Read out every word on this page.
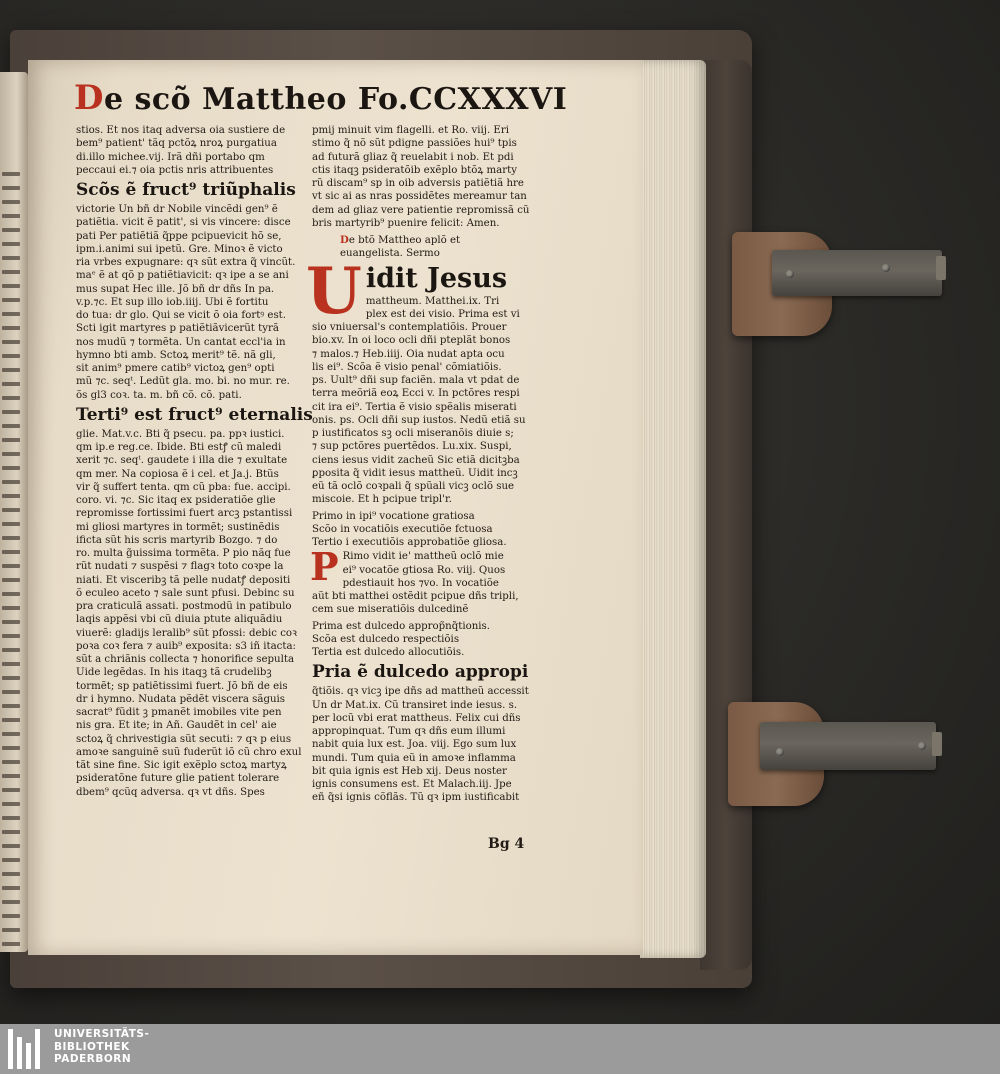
De scõ Mattheo Fo.CCXXXVI

stios. Et nos itaq adversa oia sustiere de

bem⁹ patient' tãq pctõꝝ nroꝝ purgatiua

di.illo michee.vij. Irã dñi portabo qm

peccaui ei.⁊ oia pctis nris attribuentes

Scõs ẽ fruct⁹ triũphalis

victorie Un bñ dr Nobile vincẽdi gen⁹ ẽ

patiẽtia. vicit ẽ patit', si vis vincere: disce

pati Per patiẽtiã q̃ppe pcipuevicit hõ se,

ipm.i.animi sui ipetũ. Gre. Minoꝛ ẽ victo

ria vrbes expugnare: qꝛ sũt extra q̃ vincũt.

maᵉ ẽ at qõ p patiẽtiavicit: qꝛ ipe a se ani

mus supat Hec ille. Jõ bñ dr dñs In pa.

v.p.⁊c. Et sup illo iob.iiij. Ubi ẽ fortitu

do tua: dr glo. Qui se vicit õ oia fortꝰ est.

Scti igit martyres p patiẽtiãvicerũt tyrã

nos mudũ ⁊ tormẽta. Un cantat eccl'ia in

hymno bti amb. Sctoꝝ merit⁹ tẽ. nã gli,

sit anim⁹ pmere catib⁹ victoꝝ gen⁹ opti

mũ ⁊c. seqᵗ. Ledũt gla. mo. bi. no mur. re.

õs gl3 coꝛ. ta. m. bñ cõ. cõ. pati.

Terti⁹ est fruct⁹ eternalis

glie. Mat.v.c. Bti q̃ psecu. pa. ppꝛ iustici.

qm ip.e reg.ce. Ibide. Bti estꝭ cũ maledi

xerit ⁊c. seqᵗ. gaudete i illa die ⁊ exultate

qm mer. Na copiosa ẽ i cel. et Ja.j. Btũs

vir q̃ suffert tenta. qm cũ pba: fue. accipi.

coro. vi. ⁊c. Sic itaq ex psideratiõe glie

repromisse fortissimi fuert arcꝫ pstantissi

mi gliosi martyres in tormẽt; sustinẽdis

ificta sũt his scris martyrib Bozgo. ⁊ do

ro. multa g̃uissima tormẽta. P pio nãq fue

rũt nudati ⁊ suspẽsi ⁊ flagꝛ toto coꝛpe la

niati. Et visceribꝫ tã pelle nudatꝭ depositi

õ eculeo aceto ⁊ sale sunt pfusi. Debinc su

pra craticulã assati. postmodũ in patibulo

laqis appẽsi vbi cũ diuia ptute aliquãdiu

viuerẽ: gladijs leralib⁹ sũt pfossi: debic coꝛ

poꝛa coꝛ fera ⁊ auib⁹ exposita: s3 iñ itacta:

sũt a chriãnis collecta ⁊ honorifice sepulta

Uide legẽdas. In his itaqꝫ tã crudelibꝫ

tormẽt; sp patiẽtissimi fuert. Jõ bñ de eis

dr i hymno. Nudata pẽdẽt viscera sãguis

sacrat⁹ fũdit ꝫ pmanẽt imobiles vite pen

nis gra. Et ite; in Añ. Gaudẽt in cel' aie

sctoꝝ q̃ chrivestigia sũt secuti: ⁊ qꝛ p eius

amoꝛe sanguinẽ suũ fuderũt iõ cũ chro exul

tãt sine fine. Sic igit exẽplo sctoꝝ martyꝝ

psideratõne future glie patient tolerare

dbem⁹ qcũq adversa. qꝛ vt dñs. Spes

pmij minuit vim flagelli. et Ro. viij. Eri

stimo q̃ nõ sũt pdigne passiões hui⁹ tpis

ad futurã gliaz q̃ reuelabit i nob. Et pdi

ctis itaqꝫ psideratõib exẽplo btõꝝ marty

rũ discam⁹ sp in oib adversis patiẽtiã hre

vt sic ai as nras possidẽtes mereamur tan

dem ad gliaz vere patientie repromissã cũ

bris martyrib⁹ puenire felicit: Amen.

De btõ Mattheo aplõ et

euangelista. Sermo

U idit Jesus

mattheum. Matthei.ix. Tri

plex est dei visio. Prima est vi

sio vniuersal's contemplatiõis. Prouer

bio.xv. In oi loco ocli dñi pteplãt bonos

⁊ malos.⁊ Heb.iiij. Oia nudat apta ocu

lis ei⁹. Scõa ẽ visio penal' cõmiatiõis.

ps. Uult⁹ dñi sup faciẽn. mala vt pdat de

terra meõriã eoꝝ Ecci v. In pctõres respi

cit ira ei⁹. Tertia ẽ visio spẽalis miserati

onis. ps. Ocli dñi sup iustos. Nedũ etiã su

p iustificatos sꝫ ocli miseranõis diuie s;

⁊ sup pctõres puertẽdos. Lu.xix. Suspi,

ciens iesus vidit zacheũ Sic etiã dicitꝫba

ꝑposita q̃ vidit iesus mattheũ. Uidit incꝫ

eũ tã oclõ coꝛpali q̃ spũali vicꝫ oclõ sue

miscoie. Et h pcipue tripl'r.

Primo in ipi⁹ vocatione gratiosa

Scõo in vocatiõis executiõe fctuosa

Tertio i executiõis approbatiõe gliosa.

P Rimo vidit ie' mattheũ oclõ mie

ei⁹ vocatõe gtiosa Ro. viij. Quos

pdestiauit hos ⁊vo. In vocatiõe

aũt bti matthei ostẽdit pcipue dñs tripli,

cem sue miseratiõis dulcedinẽ

Prima est dulcedo approp̃nq̃tionis.

Scõa est dulcedo respectiõis

Tertia est dulcedo allocutiõis.

Pria ẽ dulcedo appropi

q̃tiõis. qꝛ vicꝫ ipe dñs ad mattheũ accessit

Un dr Mat.ix. Cũ transiret inde iesus. s.

per locũ vbi erat mattheus. Felix cui dñs

appropinquat. Tum qꝛ dñs eum illumi

nabit quia lux est. Joa. viij. Ego sum lux

mundi. Tum quia eũ in amoꝛe inflamma

bit quia ignis est Heb xij. Deus noster

ignis consumens est. Et Malach.iij. Jpe

eñ q̃si ignis cõflãs. Tũ qꝛ ipm iustificabit

Bg 4
UNIVERSITÄTS-
BIBLIOTHEK
PADERBORN
